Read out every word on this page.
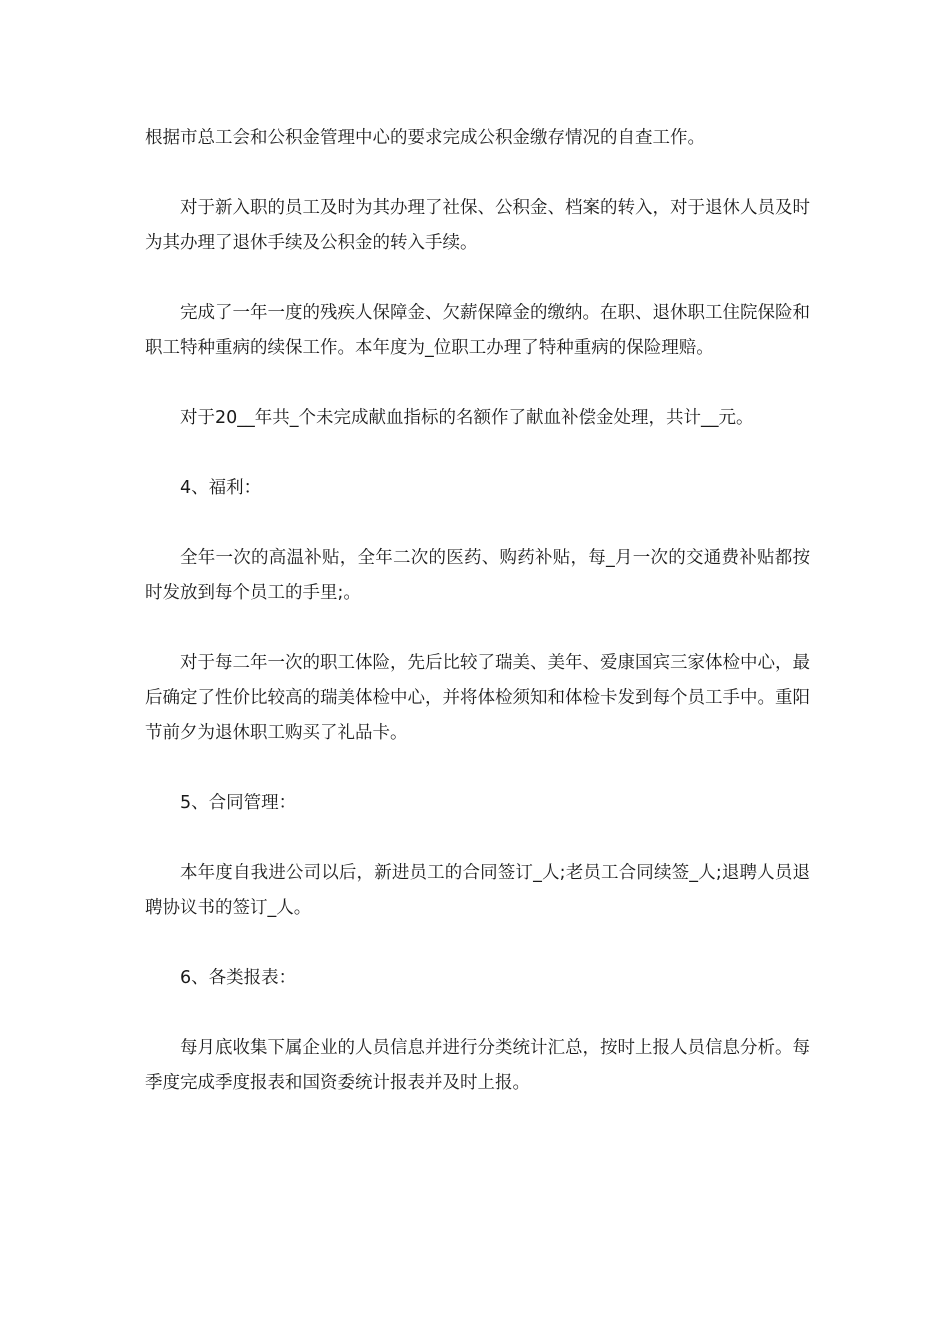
根据市总工会和公积金管理中心的要求完成公积金缴存情况的自查工作。

对于新入职的员工及时为其办理了社保、公积金、档案的转入，对于退休人员及时为其办理了退休手续及公积金的转入手续。

完成了一年一度的残疾人保障金、欠薪保障金的缴纳。在职、退休职工住院保险和职工特种重病的续保工作。本年度为_位职工办理了特种重病的保险理赔。

对于20__年共_个未完成献血指标的名额作了献血补偿金处理，共计__元。

4、福利：

全年一次的高温补贴，全年二次的医药、购药补贴，每_月一次的交通费补贴都按时发放到每个员工的手里;。

对于每二年一次的职工体险，先后比较了瑞美、美年、爱康国宾三家体检中心，最后确定了性价比较高的瑞美体检中心，并将体检须知和体检卡发到每个员工手中。重阳节前夕为退休职工购买了礼品卡。

5、合同管理：

本年度自我进公司以后，新进员工的合同签订_人;老员工合同续签_人;退聘人员退聘协议书的签订_人。

6、各类报表：

每月底收集下属企业的人员信息并进行分类统计汇总，按时上报人员信息分析。每季度完成季度报表和国资委统计报表并及时上报。
